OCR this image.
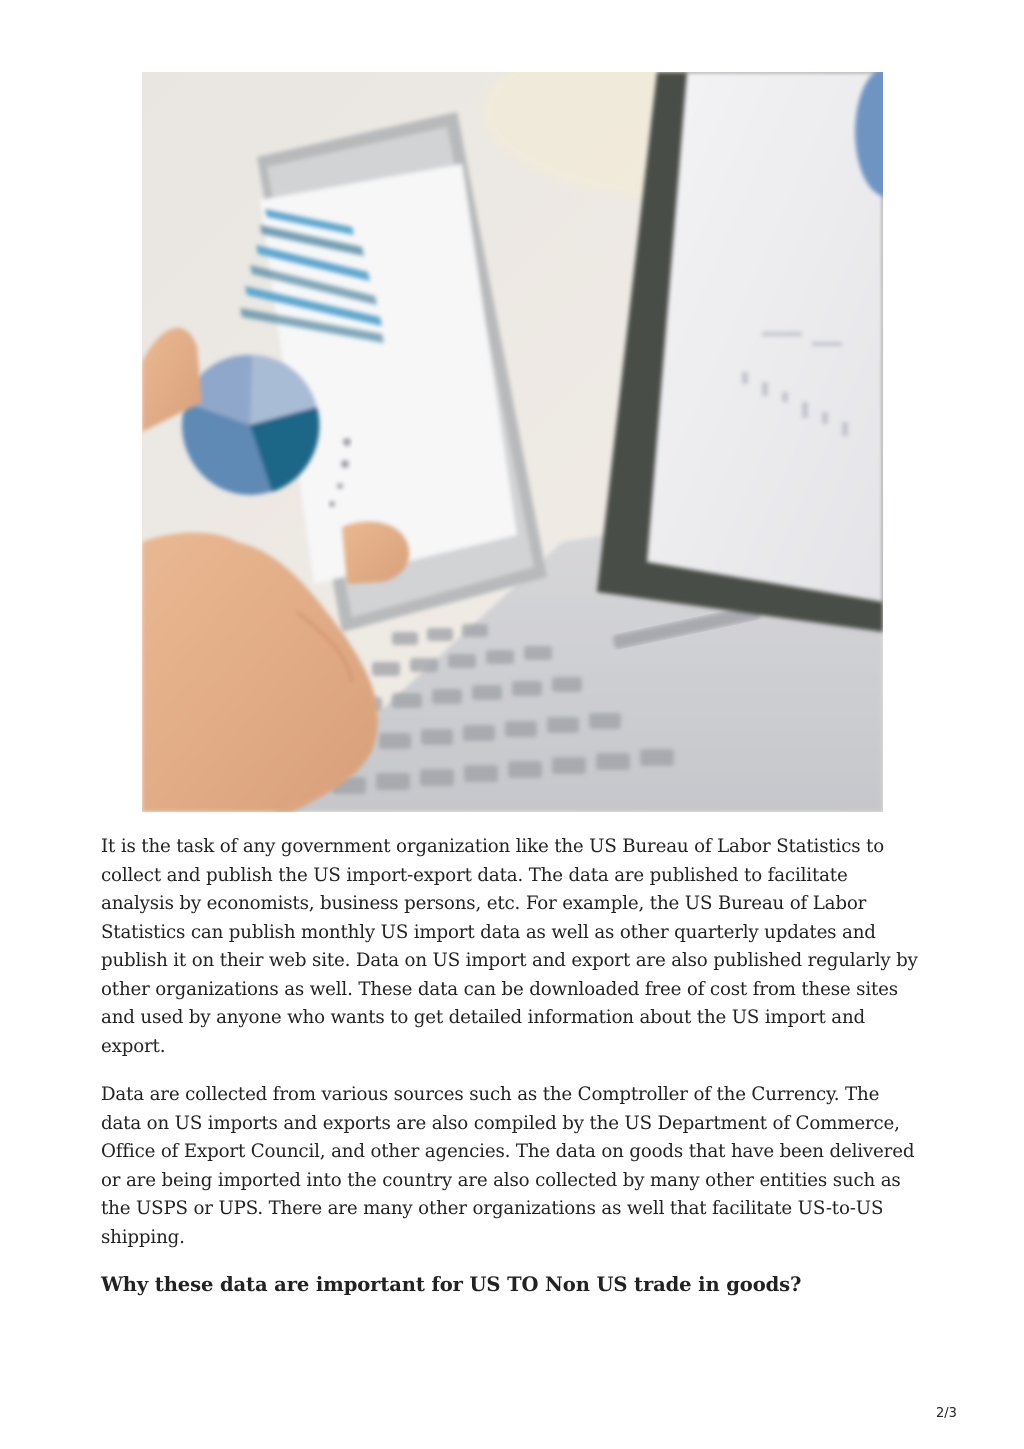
It is the task of any government organization like the US Bureau of Labor Statistics to collect and publish the US import-export data. The data are published to facilitate analysis by economists, business persons, etc. For example, the US Bureau of Labor Statistics can publish monthly US import data as well as other quarterly updates and publish it on their web site. Data on US import and export are also published regularly by other organizations as well. These data can be downloaded free of cost from these sites and used by anyone who wants to get detailed information about the US import and export.

Data are collected from various sources such as the Comptroller of the Currency. The data on US imports and exports are also compiled by the US Department of Commerce, Office of Export Council, and other agencies. The data on goods that have been delivered or are being imported into the country are also collected by many other entities such as the USPS or UPS. There are many other organizations as well that facilitate US-to-US shipping.

Why these data are important for US TO Non US trade in goods?
2/3
